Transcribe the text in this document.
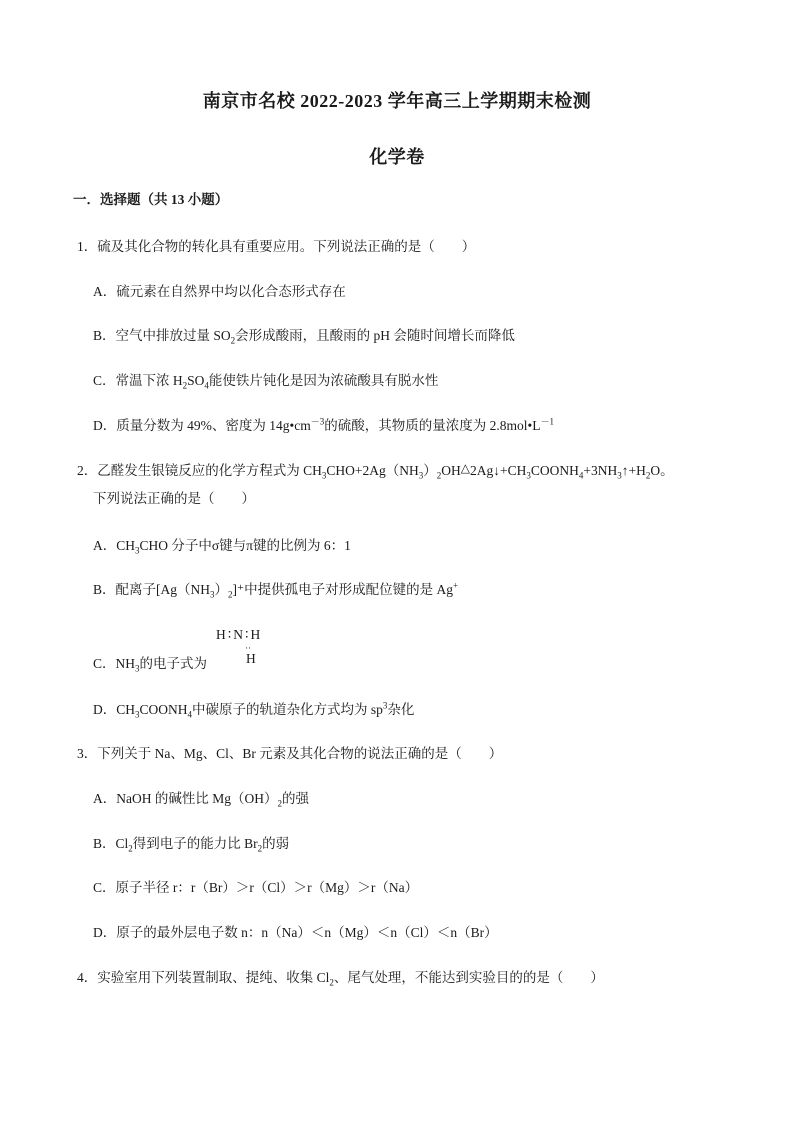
南京市名校 2022-2023 学年高三上学期期末检测
化学卷
一．选择题（共 13 小题）
1．硫及其化合物的转化具有重要应用。下列说法正确的是（　　）
A．硫元素在自然界中均以化合态形式存在
B．空气中排放过量 $SO_2$会形成酸雨，且酸雨的 pH 会随时间增长而降低
C．常温下浓 $H_2SO_4$能使铁片钝化是因为浓硫酸具有脱水性
D．质量分数为 49%、密度为 $14g•cm^{-3}$的硫酸，其物质的量浓度为 $2.8mol•L^{-1}$
2．乙醛发生银镜反应的化学方程式为 $CH_3CHO+2Ag(NH_3)_2OH\triangle 2Ag↓+CH_3COONH_4+3NH_3↑+H_2O$。
下列说法正确的是（　　）
A．$CH_3CHO$ 分子中σ键与π键的比例为 6：1
B．配离子$[Ag(NH_3)_2]^+$中提供孤电子对形成配位键的是 Ag+
H∶N∶H
··
H
C．$NH_3$的电子式为
D．$CH_3COONH_4$中碳原子的轨道杂化方式均为 $sp^3$杂化
3．下列关于 Na、Mg、Cl、Br 元素及其化合物的说法正确的是（　　）
A．NaOH 的碱性比 $Mg(OH)_2$的强
B．$Cl_2$得到电子的能力比 $Br_2$的弱
C．原子半径 r：r（Br）＞r（Cl）＞r（Mg）＞r（Na）
D．原子的最外层电子数 n：n（Na）＜n（Mg）＜n（Cl）＜n（Br）
4．实验室用下列装置制取、提纯、收集 $Cl_2$、尾气处理，不能达到实验目的的是（　　）
